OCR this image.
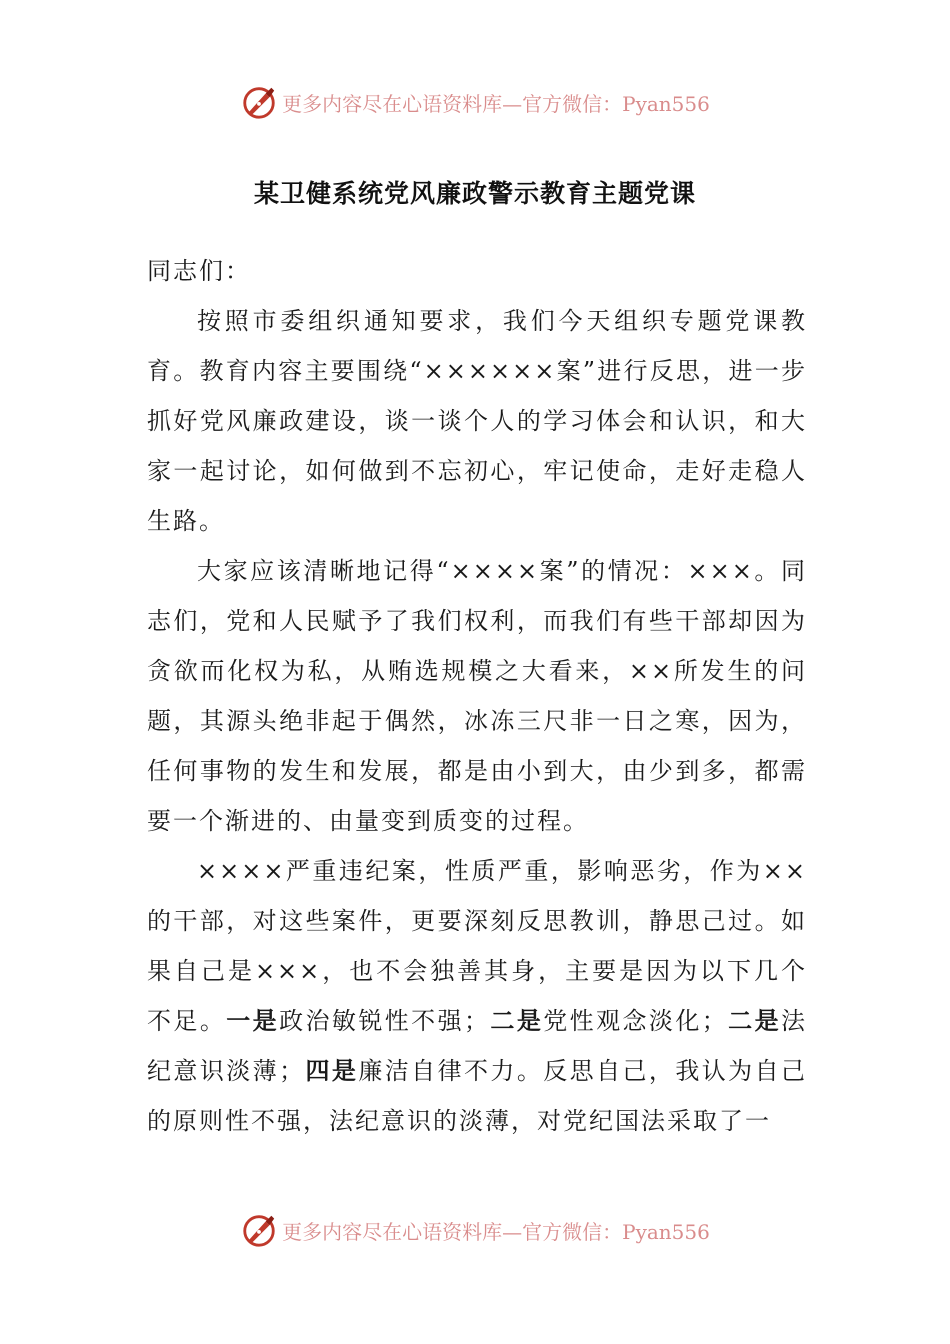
更多内容尽在心语资料库—官方微信：Pyan556
某卫健系统党风廉政警示教育主题党课

同志们：

按照市委组织通知要求，我们今天组织专题党课教育。教育内容主要围绕“××××××案”进行反思，进一步抓好党风廉政建设，谈一谈个人的学习体会和认识，和大家一起讨论，如何做到不忘初心，牢记使命，走好走稳人生路。

大家应该清晰地记得“××××案”的情况：×××。同志们，党和人民赋予了我们权利，而我们有些干部却因为贪欲而化权为私，从贿选规模之大看来，××所发生的问题，其源头绝非起于偶然，冰冻三尺非一日之寒，因为，任何事物的发生和发展，都是由小到大，由少到多，都需要一个渐进的、由量变到质变的过程。

××××严重违纪案，性质严重，影响恶劣，作为××的干部，对这些案件，更要深刻反思教训，静思己过。如果自己是×××，也不会独善其身，主要是因为以下几个不足。一是政治敏锐性不强；二是党性观念淡化；二是法纪意识淡薄；四是廉洁自律不力。反思自己，我认为自己的原则性不强，法纪意识的淡薄，对党纪国法采取了一

更多内容尽在心语资料库—官方微信：Pyan556
